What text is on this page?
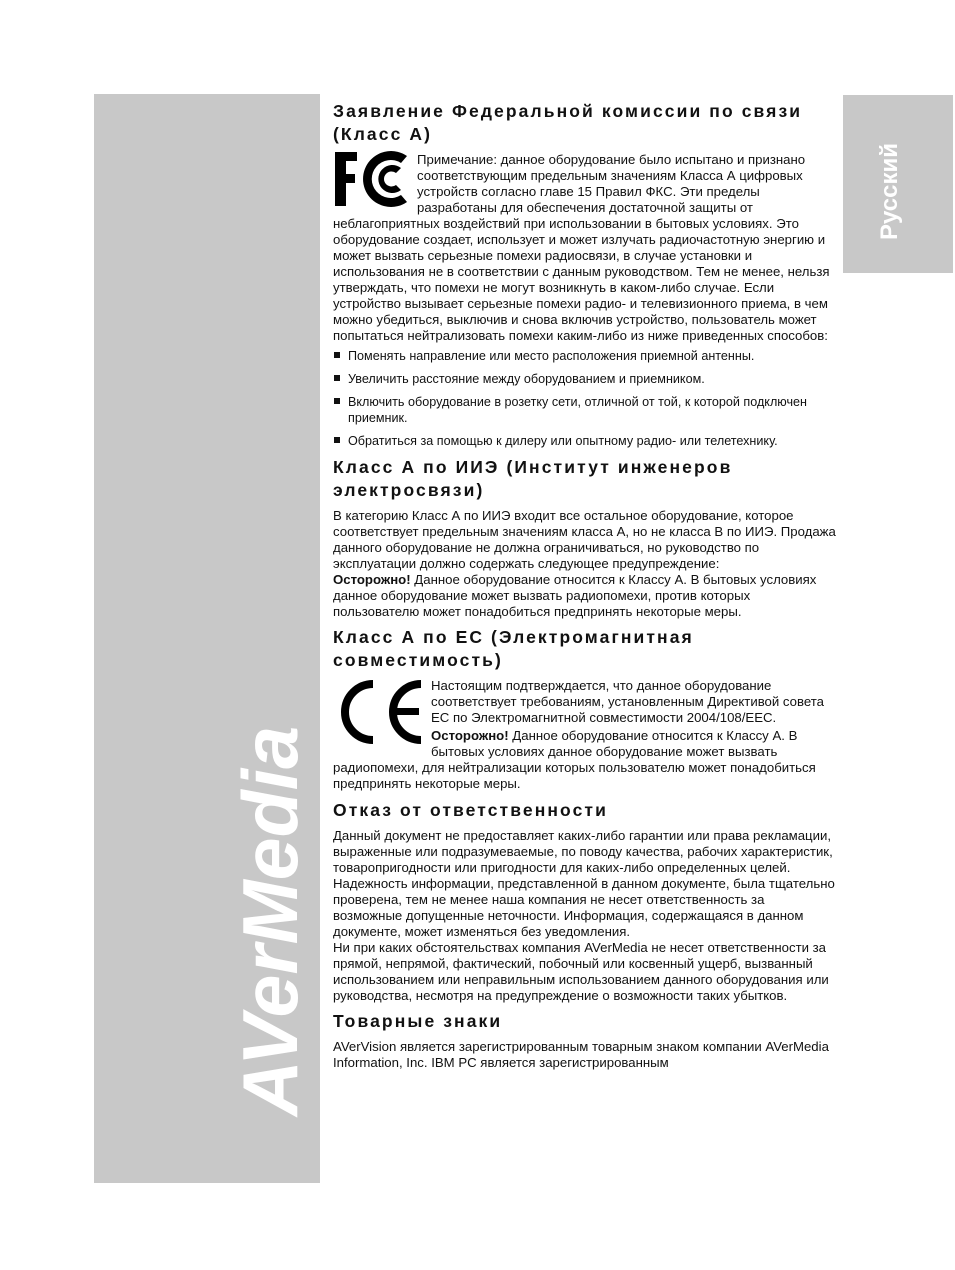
AVerMedia
Русский
Заявление Федеральной комиссии по связи
(Класс А)

Примечание: данное оборудование было испытано и признано соответствующим предельным значениям Класса А цифровых устройств согласно главе 15 Правил ФКС. Эти пределы разработаны для обеспечения достаточной защиты от неблагоприятных воздействий при использовании в бытовых условиях. Это оборудование создает, использует и может излучать радиочастотную энергию и может вызвать серьезные помехи радиосвязи, в случае установки и использования не в соответствии с данным руководством. Тем не менее, нельзя утверждать, что помехи не могут возникнуть в каком-либо случае. Если устройство вызывает серьезные помехи радио- и телевизионного приема, в чем можно убедиться, выключив и снова включив устройство, пользователь может попытаться нейтрализовать помехи каким-либо из ниже приведенных способов:

Поменять направление или место расположения приемной антенны.
Увеличить расстояние между оборудованием и приемником.
Включить оборудование в розетку сети, отличной от той, к которой подключен приемник.
Обратиться за помощью к дилеру или опытному радио- или телетехнику.
Класс А по ИИЭ (Институт инженеров
электросвязи)

В категорию Класс А по ИИЭ входит все остальное оборудование, которое соответствует предельным значениям класса А, но не класса В по ИИЭ. Продажа данного оборудование не должна ограничиваться, но руководство по эксплуатации должно содержать следующее предупреждение:

Осторожно! Данное оборудование относится к Классу А. В бытовых условиях данное оборудование может вызвать радиопомехи, против которых пользователю может понадобиться предпринять некоторые меры.

Класс А по ЕС (Электромагнитная
совместимость)

Настоящим подтверждается, что данное оборудование соответствует требованиям, установленным Директивой совета ЕС по Электромагнитной совместимости 2004/108/EEC.

Осторожно! Данное оборудование относится к Классу А. В бытовых условиях данное оборудование может вызвать радиопомехи, для нейтрализации которых пользователю может понадобиться предпринять некоторые меры.

Отказ от ответственности

Данный документ не предоставляет каких-либо гарантии или права рекламации, выраженные или подразумеваемые, по поводу качества, рабочих характеристик, товаропригодности или пригодности для каких-либо определенных целей. Надежность информации, представленной в данном документе, была тщательно проверена, тем не менее наша компания не несет ответственность за возможные допущенные неточности. Информация, содержащаяся в данном документе, может изменяться без уведомления.

Ни при каких обстоятельствах компания AVerMedia не несет ответственности за прямой, непрямой, фактический, побочный или косвенный ущерб, вызванный использованием или неправильным использованием данного оборудования или руководства, несмотря на предупреждение о возможности таких убытков.

Товарные знаки

AVerVision является зарегистрированным товарным знаком компании AVerMedia Information, Inc. IBM PC является зарегистрированным
